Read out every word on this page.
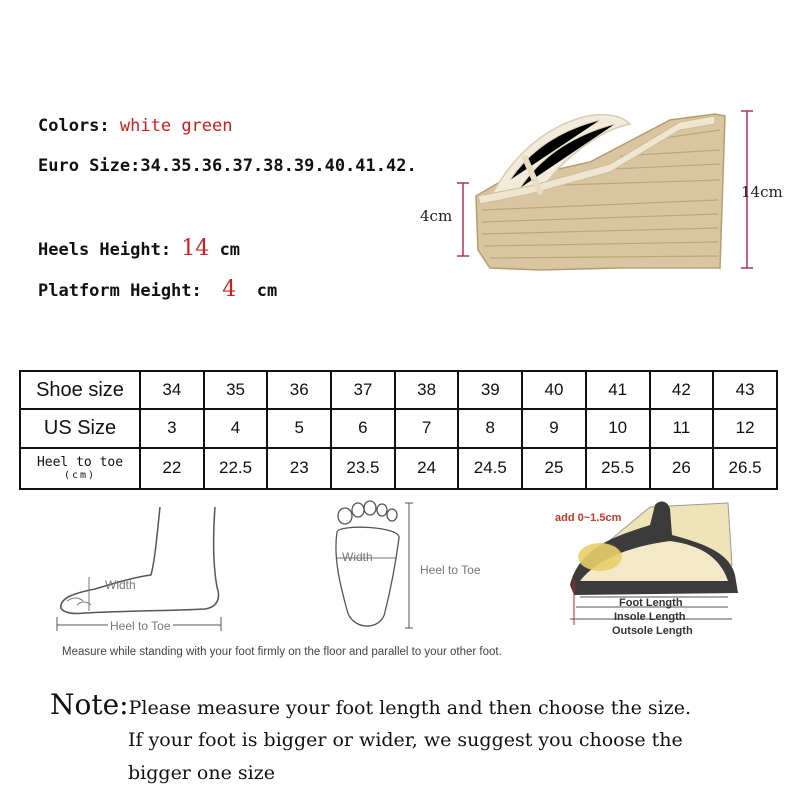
Colors: white green
Euro Size:34.35.36.37.38.39.40.41.42.
Heels Height: 14 cm
Platform Height: 4 cm
4cm
14cm
Shoe size	34	35	36	37	38	39	40	41	42	43
US Size	3	4	5	6	7	8	9	10	11	12

Heel to toe
(cm)	22	22.5	23	23.5	24	24.5	25	25.5	26	26.5
Width
Heel to Toe
Width
Heel to Toe
add 0~1.5cm
Foot Length
Insole Length
Outsole Length
Measure while standing with your foot firmly on the floor and parallel to your other foot.
Note:Please measure your foot length and then choose the size.
If your foot is bigger or wider, we suggest you choose the
bigger one size
